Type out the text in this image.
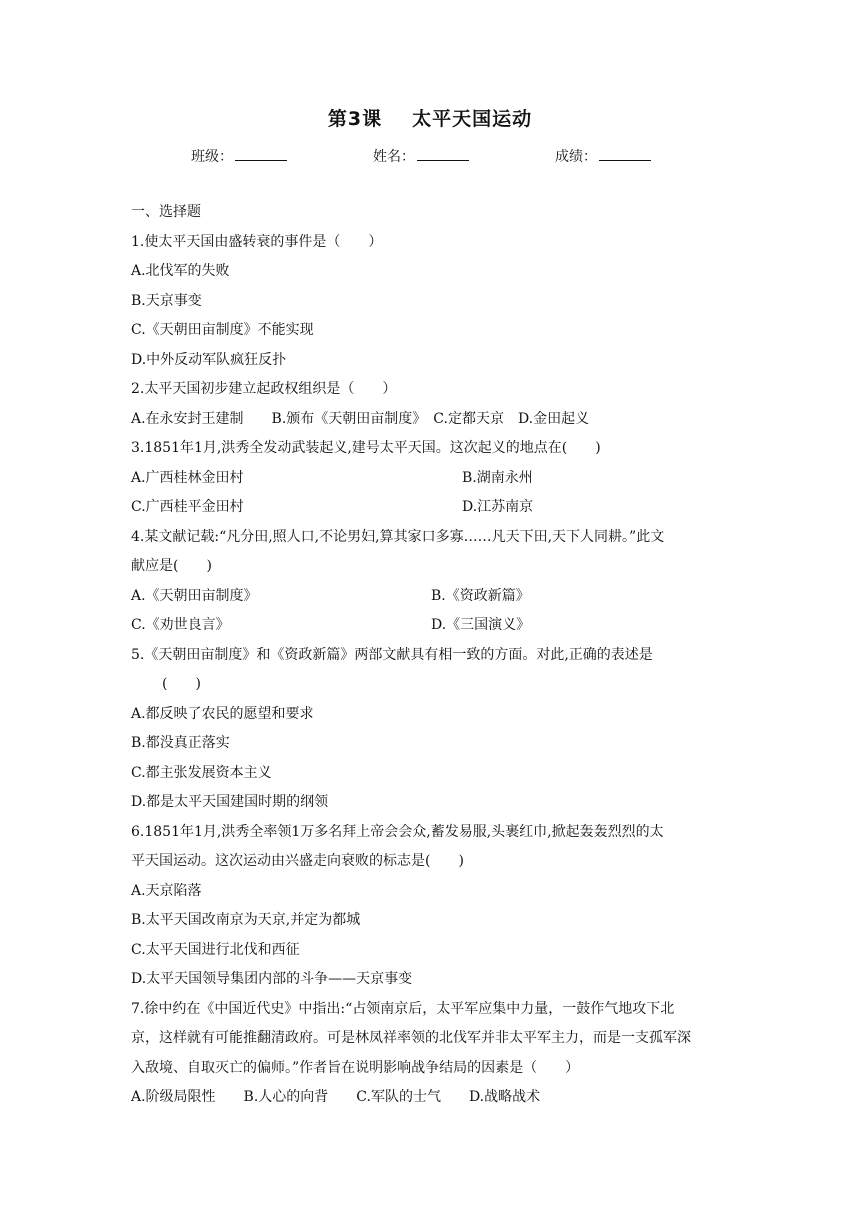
第3课 太平天国运动
班级：	姓名：	成绩：
一、选择题
1.使太平天国由盛转衰的事件是（　　）
A.北伐军的失败
B.天京事变
C.《天朝田亩制度》不能实现
D.中外反动军队疯狂反扑
2.太平天国初步建立起政权组织是（　　）
A.在永安封王建制　　B.颁布《天朝田亩制度》　C.定都天京　D.金田起义
3.1851年1月,洪秀全发动武装起义,建号太平天国。这次起义的地点在(　　)
A.广西桂林金田村	B.湖南永州
C.广西桂平金田村	D.江苏南京
4.某文献记载:“凡分田,照人口,不论男妇,算其家口多寡……凡天下田,天下人同耕。”此文
献应是(　　)
A.《天朝田亩制度》	B.《资政新篇》
C.《劝世良言》	D.《三国演义》
5.《天朝田亩制度》和《资政新篇》两部文献具有相一致的方面。对此,正确的表述是
(　　)
A.都反映了农民的愿望和要求
B.都没真正落实
C.都主张发展资本主义
D.都是太平天国建国时期的纲领
6.1851年1月,洪秀全率领1万多名拜上帝会会众,蓄发易服,头裹红巾,掀起轰轰烈烈的太
平天国运动。这次运动由兴盛走向衰败的标志是(　　)
A.天京陷落
B.太平天国改南京为天京,并定为都城
C.太平天国进行北伐和西征
D.太平天国领导集团内部的斗争——天京事变
7.徐中约在《中国近代史》中指出:“占领南京后，太平军应集中力量，一鼓作气地攻下北
京，这样就有可能推翻清政府。可是林凤祥率领的北伐军并非太平军主力，而是一支孤军深
入敌境、自取灭亡的偏师。”作者旨在说明影响战争结局的因素是（　　）
A.阶级局限性　　B.人心的向背　　C.军队的士气　　D.战略战术
